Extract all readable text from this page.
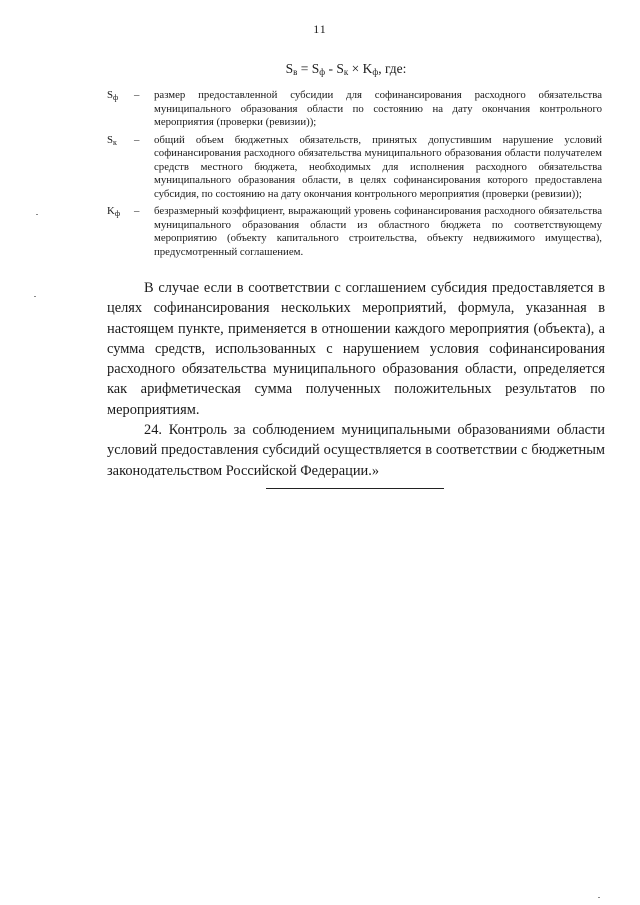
11
$S_в = S_ф - S_к \times K_ф$, где:
$S_ф$	–	размер предоставленной субсидии для софинансирования расходного обязательства муниципального образования области по состоянию на дату окончания контрольного мероприятия (проверки (ревизии));
$S_к$	–	общий объем бюджетных обязательств, принятых допустившим нарушение условий софинансирования расходного обязательства муниципального образования области получателем средств местного бюджета, необходимых для исполнения расходного обязательства муниципального образования области, в целях софинансирования которого предоставлена субсидия, по состоянию на дату окончания контрольного мероприятия (проверки (ревизии));
$K_ф$	–	безразмерный коэффициент, выражающий уровень софинансирования расходного обязательства муниципального образования области из областного бюджета по соответствующему мероприятию (объекту капитального строительства, объекту недвижимого имущества), предусмотренный соглашением.

В случае если в соответствии с соглашением субсидия предоставляется в целях софинансирования нескольких мероприятий, формула, указанная в настоящем пункте, применяется в отношении каждого мероприятия (объекта), а сумма средств, использованных с нарушением условия софинансирования расходного обязательства муниципального образования области, определяется как арифметическая сумма полученных положительных результатов по мероприятиям.

24. Контроль за соблюдением муниципальными образованиями области условий предоставления субсидий осуществляется в соответствии с бюджетным законодательством Российской Федерации.»
